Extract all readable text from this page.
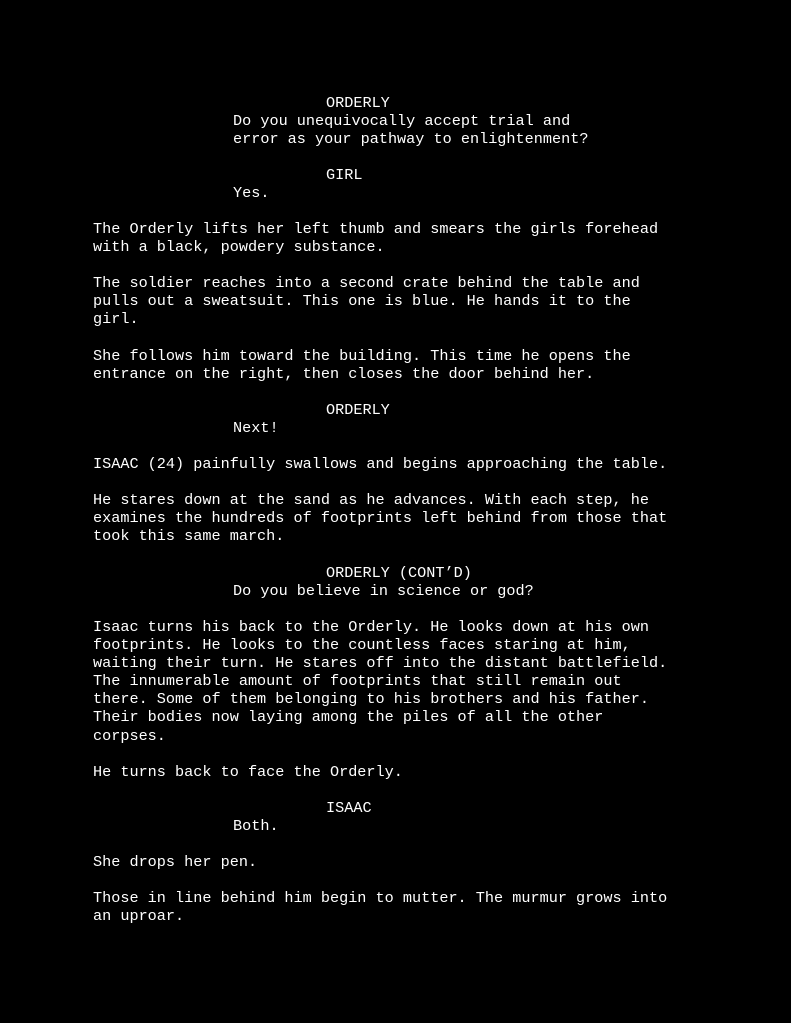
ORDERLY

Do you unequivocally accept trial and
error as your pathway to enlightenment?

GIRL

Yes.

The Orderly lifts her left thumb and smears the girls forehead
with a black, powdery substance.

The soldier reaches into a second crate behind the table and
pulls out a sweatsuit. This one is blue. He hands it to the
girl.

She follows him toward the building. This time he opens the
entrance on the right, then closes the door behind her.

ORDERLY

Next!

ISAAC (24) painfully swallows and begins approaching the table.

He stares down at the sand as he advances. With each step, he
examines the hundreds of footprints left behind from those that
took this same march.

ORDERLY (CONT’D)

Do you believe in science or god?

Isaac turns his back to the Orderly. He looks down at his own
footprints. He looks to the countless faces staring at him,
waiting their turn. He stares off into the distant battlefield.
The innumerable amount of footprints that still remain out
there. Some of them belonging to his brothers and his father.
Their bodies now laying among the piles of all the other
corpses.

He turns back to face the Orderly.

ISAAC

Both.

She drops her pen.

Those in line behind him begin to mutter. The murmur grows into
an uproar.
